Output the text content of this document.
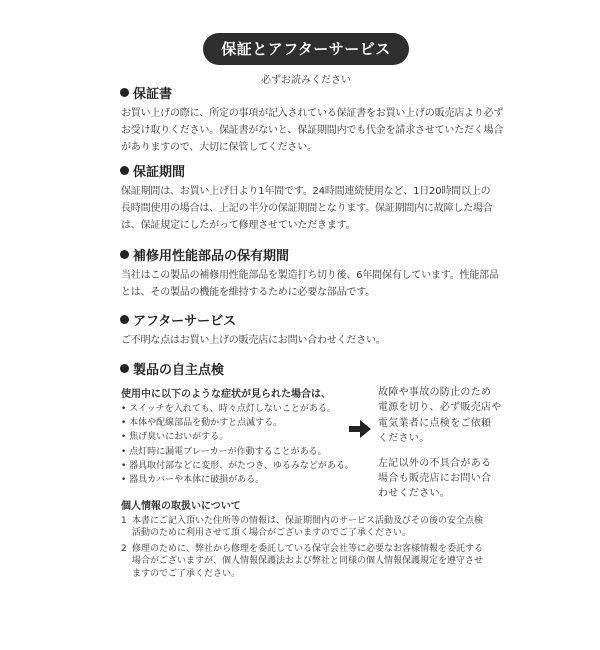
保証とアフターサービス
必ずお読みください
保証書
お買い上げの際に、所定の事項が記入されている保証書をお買い上げの販売店より必ず
お受け取りください。保証書がないと、保証期間内でも代金を請求させていただく場合
がありますので、大切に保管してください。
保証期間
保証期間は、お買い上げ日より1年間です。24時間連続使用など、1日20時間以上の
長時間使用の場合は、上記の半分の保証期間となります。保証期間内に故障した場合
は、保証規定にしたがって修理させていただきます。
補修用性能部品の保有期間
当社はこの製品の補修用性能部品を製造打ち切り後、6年間保有しています。性能部品
とは、その製品の機能を維持するために必要な部品です。
アフターサービス
ご不明な点はお買い上げの販売店にお問い合わせください。
製品の自主点検
使用中に以下のような症状が見られた場合は、
• スイッチを入れても、時々点灯しないことがある。
• 本体や配線部品を動かすと点滅する。
• 焦げ臭いにおいがする。
• 点灯時に漏電ブレーカーが作動することがある。
• 器具取付部などに変形、がたつき、ゆるみなどがある。
• 器具カバーや本体に破損がある。
故障や事故の防止のため
電源を切り、必ず販売店や
電気業者に点検をご依頼
ください。
左記以外の不具合がある
場合も販売店にお問い合
わせください。
個人情報の取扱いについて
1 本書にご記入頂いた住所等の情報は、保証期間内のサービス活動及びその後の安全点検
活動のために利用させて頂く場合がございますのでご了承ください。
2 修理のために、弊社から修理を委託している保守会社等に必要なお客様情報を委託する
場合がございますが、個人情報保護法および弊社と同様の個人情報保護規定を遵守させ
ますのでご了承ください。
